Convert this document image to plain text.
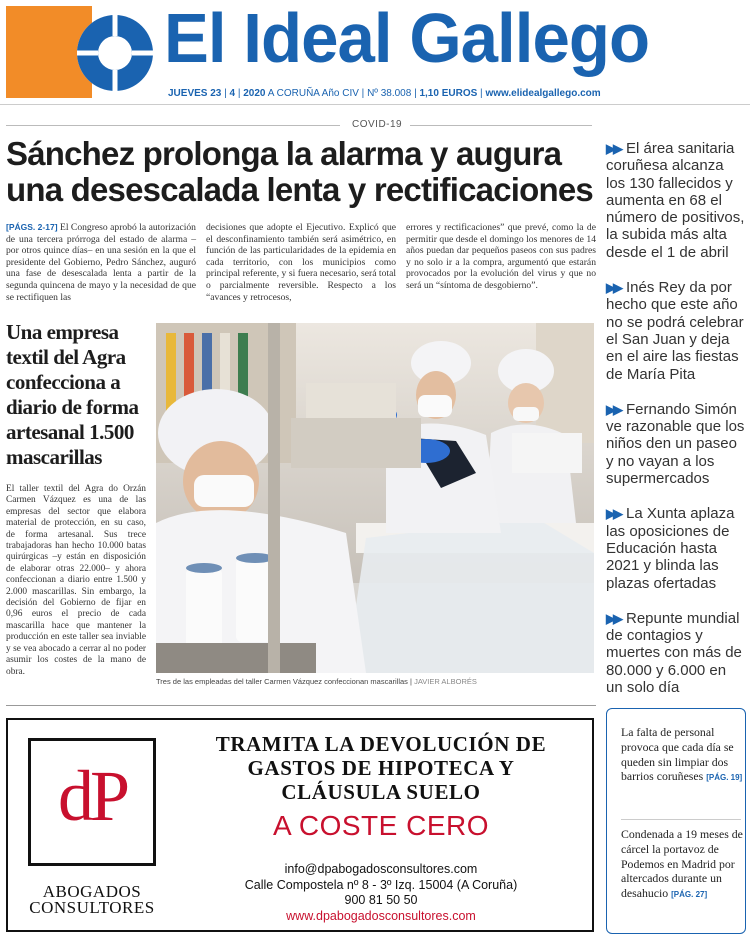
El Ideal Gallego
JUEVES 23 | 4 | 2020 A CORUÑA Año CIV | Nº 38.008 | 1,10 EUROS | www.elidealgallego.com
COVID-19
Sánchez prolonga la alarma y augura una desescalada lenta y rectificaciones

[PÁGS. 2-17] El Congreso aprobó la autorización de una tercera prórroga del estado de alarma –por otros quince días– en una sesión en la que el presidente del Gobierno, Pedro Sánchez, auguró una fase de desescalada lenta a partir de la segunda quincena de mayo y la necesidad de que se rectifiquen las

decisiones que adopte el Ejecutivo. Explicó que el desconfinamiento también será asimétrico, en función de las particularidades de la epidemia en cada territorio, con los municipios como principal referente, y si fuera necesario, será total o parcialmente reversible. Respecto a los “avances y retrocesos,

errores y rectificaciones” que prevé, como la de permitir que desde el domingo los menores de 14 años puedan dar pequeños paseos con sus padres y no solo ir a la compra, argumentó que estarán provocados por la evolución del virus y que no será un “síntoma de desgobierno”.

Una empresa textil del Agra confecciona a diario de forma artesanal 1.500 mascarillas

El taller textil del Agra do Orzán Carmen Vázquez es una de las empresas del sector que elabora material de protección, en su caso, de forma artesanal. Sus trece trabajadoras han hecho 10.000 batas quirúrgicas –y están en disposición de elaborar otras 22.000– y ahora confeccionan a diario entre 1.500 y 2.000 mascarillas. Sin embargo, la decisión del Gobierno de fijar en 0,96 euros el precio de cada mascarilla hace que mantener la producción en este taller sea inviable y se vea abocado a cerrar al no poder asumir los costes de la mano de obra.

Tres de las empleadas del taller Carmen Vázquez confeccionan mascarillas | JAVIER ALBORÉS

▶▶ El área sanitaria coruñesa alcanza los 130 fallecidos y aumenta en 68 el número de positivos, la subida más alta desde el 1 de abril

▶▶ Inés Rey da por hecho que este año no se podrá celebrar el San Juan y deja en el aire las fiestas de María Pita

▶▶ Fernando Simón ve razonable que los niños den un paseo y no vayan a los supermercados

▶▶ La Xunta aplaza las oposiciones de Educación hasta 2021 y blinda las plazas ofertadas

▶▶ Repunte mundial de contagios y muertes con más de 80.000 y 6.000 en un solo día

dP
ABOGADOS
CONSULTORES
TRAMITA LA DEVOLUCIÓN DE GASTOS DE HIPOTECA Y CLÁUSULA SUELO
A COSTE CERO
info@dpabogadosconsultores.com
Calle Compostela nº 8 - 3º Izq. 15004 (A Coruña)
900 81 50 50
www.dpabogadosconsultores.com

La falta de personal provoca que cada día se queden sin limpiar dos barrios coruñeses [PÁG. 19]

Condenada a 19 meses de cárcel la portavoz de Podemos en Madrid por altercados durante un desahucio [PÁG. 27]
